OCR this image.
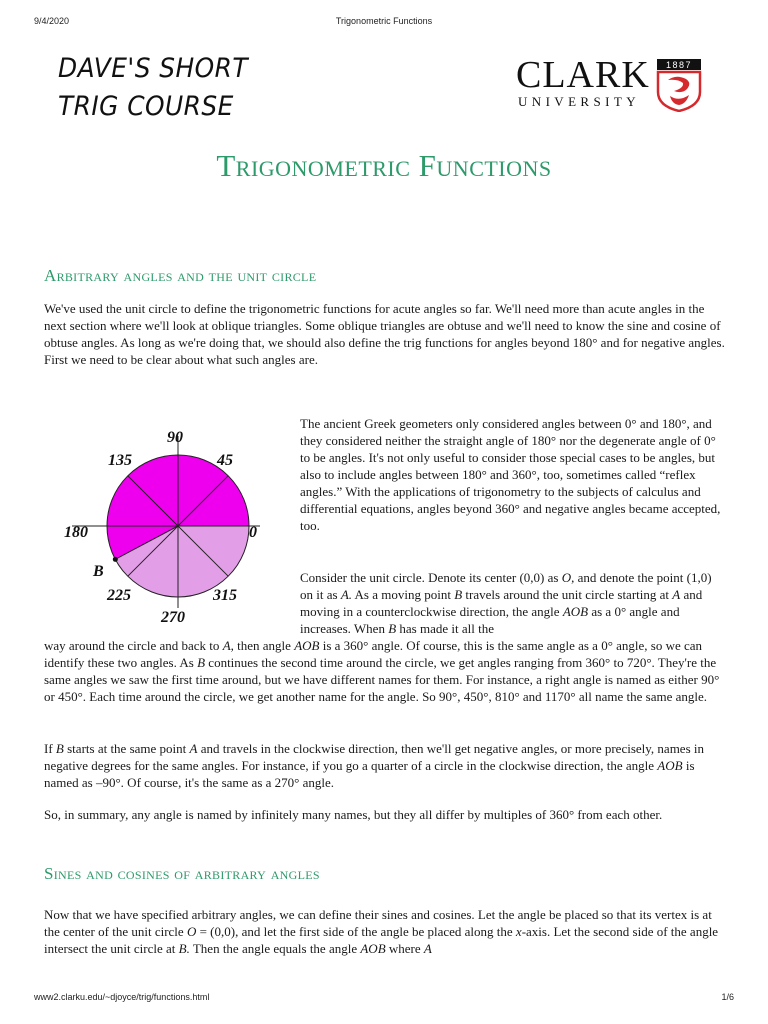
9/4/2020	Trigonometric Functions
DAVE'S SHORT
TRIG COURSE
CLARK
UNIVERSITY
1887
Trigonometric Functions
Arbitrary angles and the unit circle

We've used the unit circle to define the trigonometric functions for acute angles so far. We'll need more than acute angles in the next section where we'll look at oblique triangles. Some oblique triangles are obtuse and we'll need to know the sine and cosine of obtuse angles. As long as we're doing that, we should also define the trig functions for angles beyond 180° and for negative angles. First we need to be clear about what such angles are.

90
45
135
0
180
225	315
270
B

The ancient Greek geometers only considered angles between 0° and 180°, and they considered neither the straight angle of 180° nor the degenerate angle of 0° to be angles. It's not only useful to consider those special cases to be angles, but also to include angles between 180° and 360°, too, sometimes called “reflex angles.” With the applications of trigonometry to the subjects of calculus and differential equations, angles beyond 360° and negative angles became accepted, too.

Consider the unit circle. Denote its center (0,0) as O, and denote the point (1,0) on it as A. As a moving point B travels around the unit circle starting at A and moving in a counterclockwise direction, the angle AOB as a 0° angle and increases. When B has made it all the

way around the circle and back to A, then angle AOB is a 360° angle. Of course, this is the same angle as a 0° angle, so we can identify these two angles. As B continues the second time around the circle, we get angles ranging from 360° to 720°. They're the same angles we saw the first time around, but we have different names for them. For instance, a right angle is named as either 90° or 450°. Each time around the circle, we get another name for the angle. So 90°, 450°, 810° and 1170° all name the same angle.

If B starts at the same point A and travels in the clockwise direction, then we'll get negative angles, or more precisely, names in negative degrees for the same angles. For instance, if you go a quarter of a circle in the clockwise direction, the angle AOB is named as –90°. Of course, it's the same as a 270° angle.

So, in summary, any angle is named by infinitely many names, but they all differ by multiples of 360° from each other.

Sines and cosines of arbitrary angles

Now that we have specified arbitrary angles, we can define their sines and cosines. Let the angle be placed so that its vertex is at the center of the unit circle O = (0,0), and let the first side of the angle be placed along the x-axis. Let the second side of the angle intersect the unit circle at B. Then the angle equals the angle AOB where A

www2.clarku.edu/~djoyce/trig/functions.html	1/6
